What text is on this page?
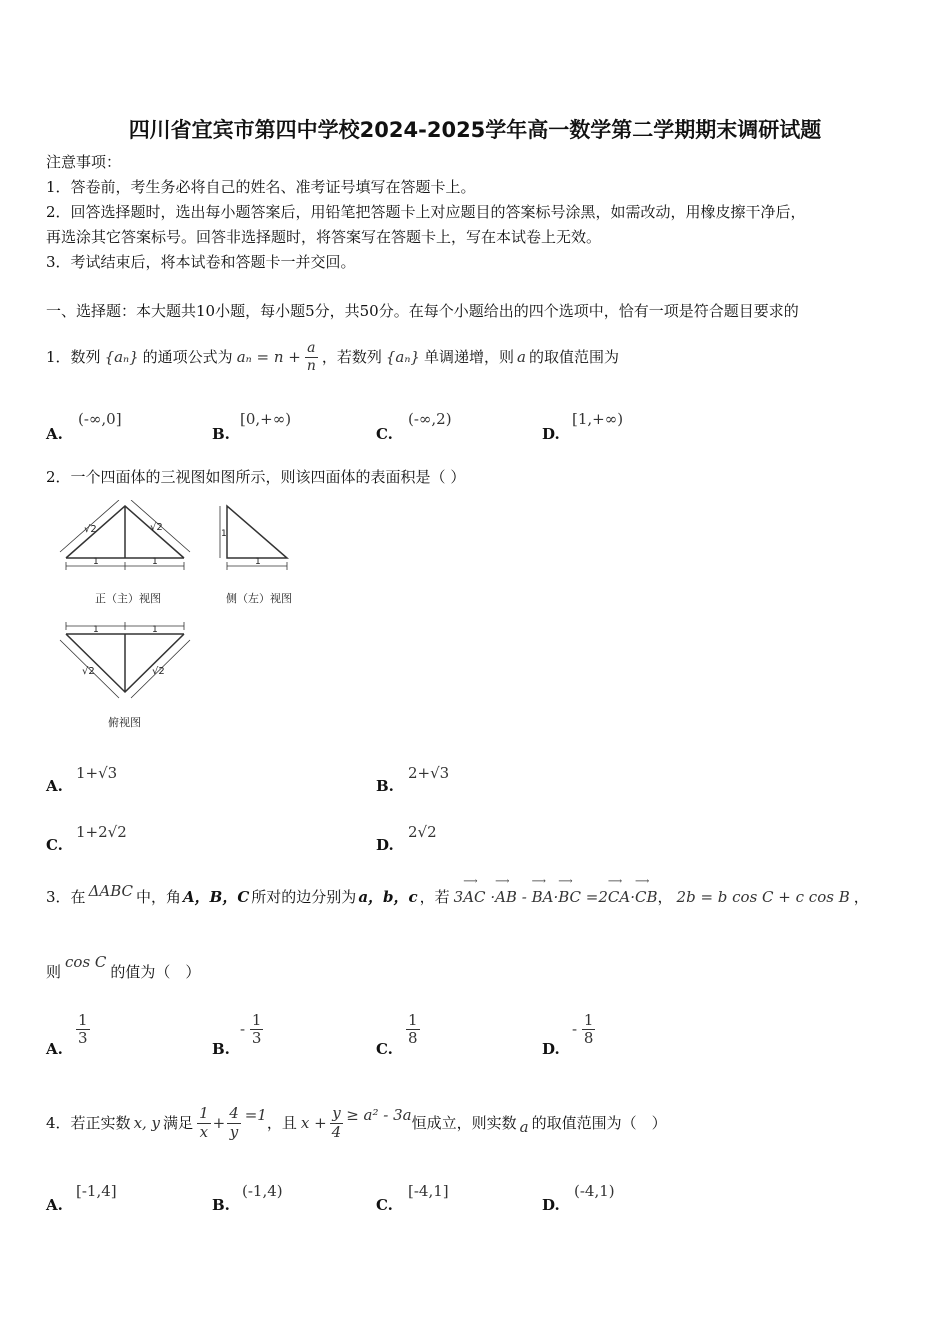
四川省宜宾市第四中学校2024-2025学年高一数学第二学期期末调研试题
注意事项：
1．答卷前，考生务必将自己的姓名、准考证号填写在答题卡上。
2．回答选择题时，选出每小题答案后，用铅笔把答题卡上对应题目的答案标号涂黑，如需改动，用橡皮擦干净后，
再选涂其它答案标号。回答非选择题时，将答案写在答题卡上，写在本试卷上无效。
3．考试结束后，将本试卷和答题卡一并交回。
一、选择题：本大题共10小题，每小题5分，共50分。在每个小题给出的四个选项中，恰有一项是符合题目要求的
1． 数列 {aₙ} 的通项公式为 $a_n = n + \frac{a}{n}$ ，若数列 {aₙ} 单调递增，则 a 的取值范围为
A.
(-∞,0]
B.
[0,+∞)
C.
(-∞,2)
D.
[1,+∞)
2．一个四面体的三视图如图所示，则该四面体的表面积是（ ）
√2	√2
1	1
正（主）视图
1
1
侧（左）视图
1	1
√2	√2
俯视图
A.
1+√3
B.
2+√3
C.
1+2√2
D.
2√2
3． 在 ΔABC 中，角 A，B，C 所对的边分别为 a，b，c ，若 3⟶ AC ·⟶ AB - ⟶ BA·⟶ BC =2⟶ CA·⟶ CB ， 2b = b cos C + c cos B ，
则
cos C
的值为（　）
A.
$\frac{1}{3}$
B.
- $\frac{1}{3}$
C.
$\frac{1}{8}$
D.
- $\frac{1}{8}$
4． 若正实数 x, y 满足 $\frac{1}{x} + \frac{4}{y} =1$ ，且 $x + \frac{y}{4} \ge a^2 - 3a$ 恒成立，则实数 a 的取值范围为（　）
A.
[-1,4]
B.
(-1,4)
C.
[-4,1]
D.
(-4,1)
